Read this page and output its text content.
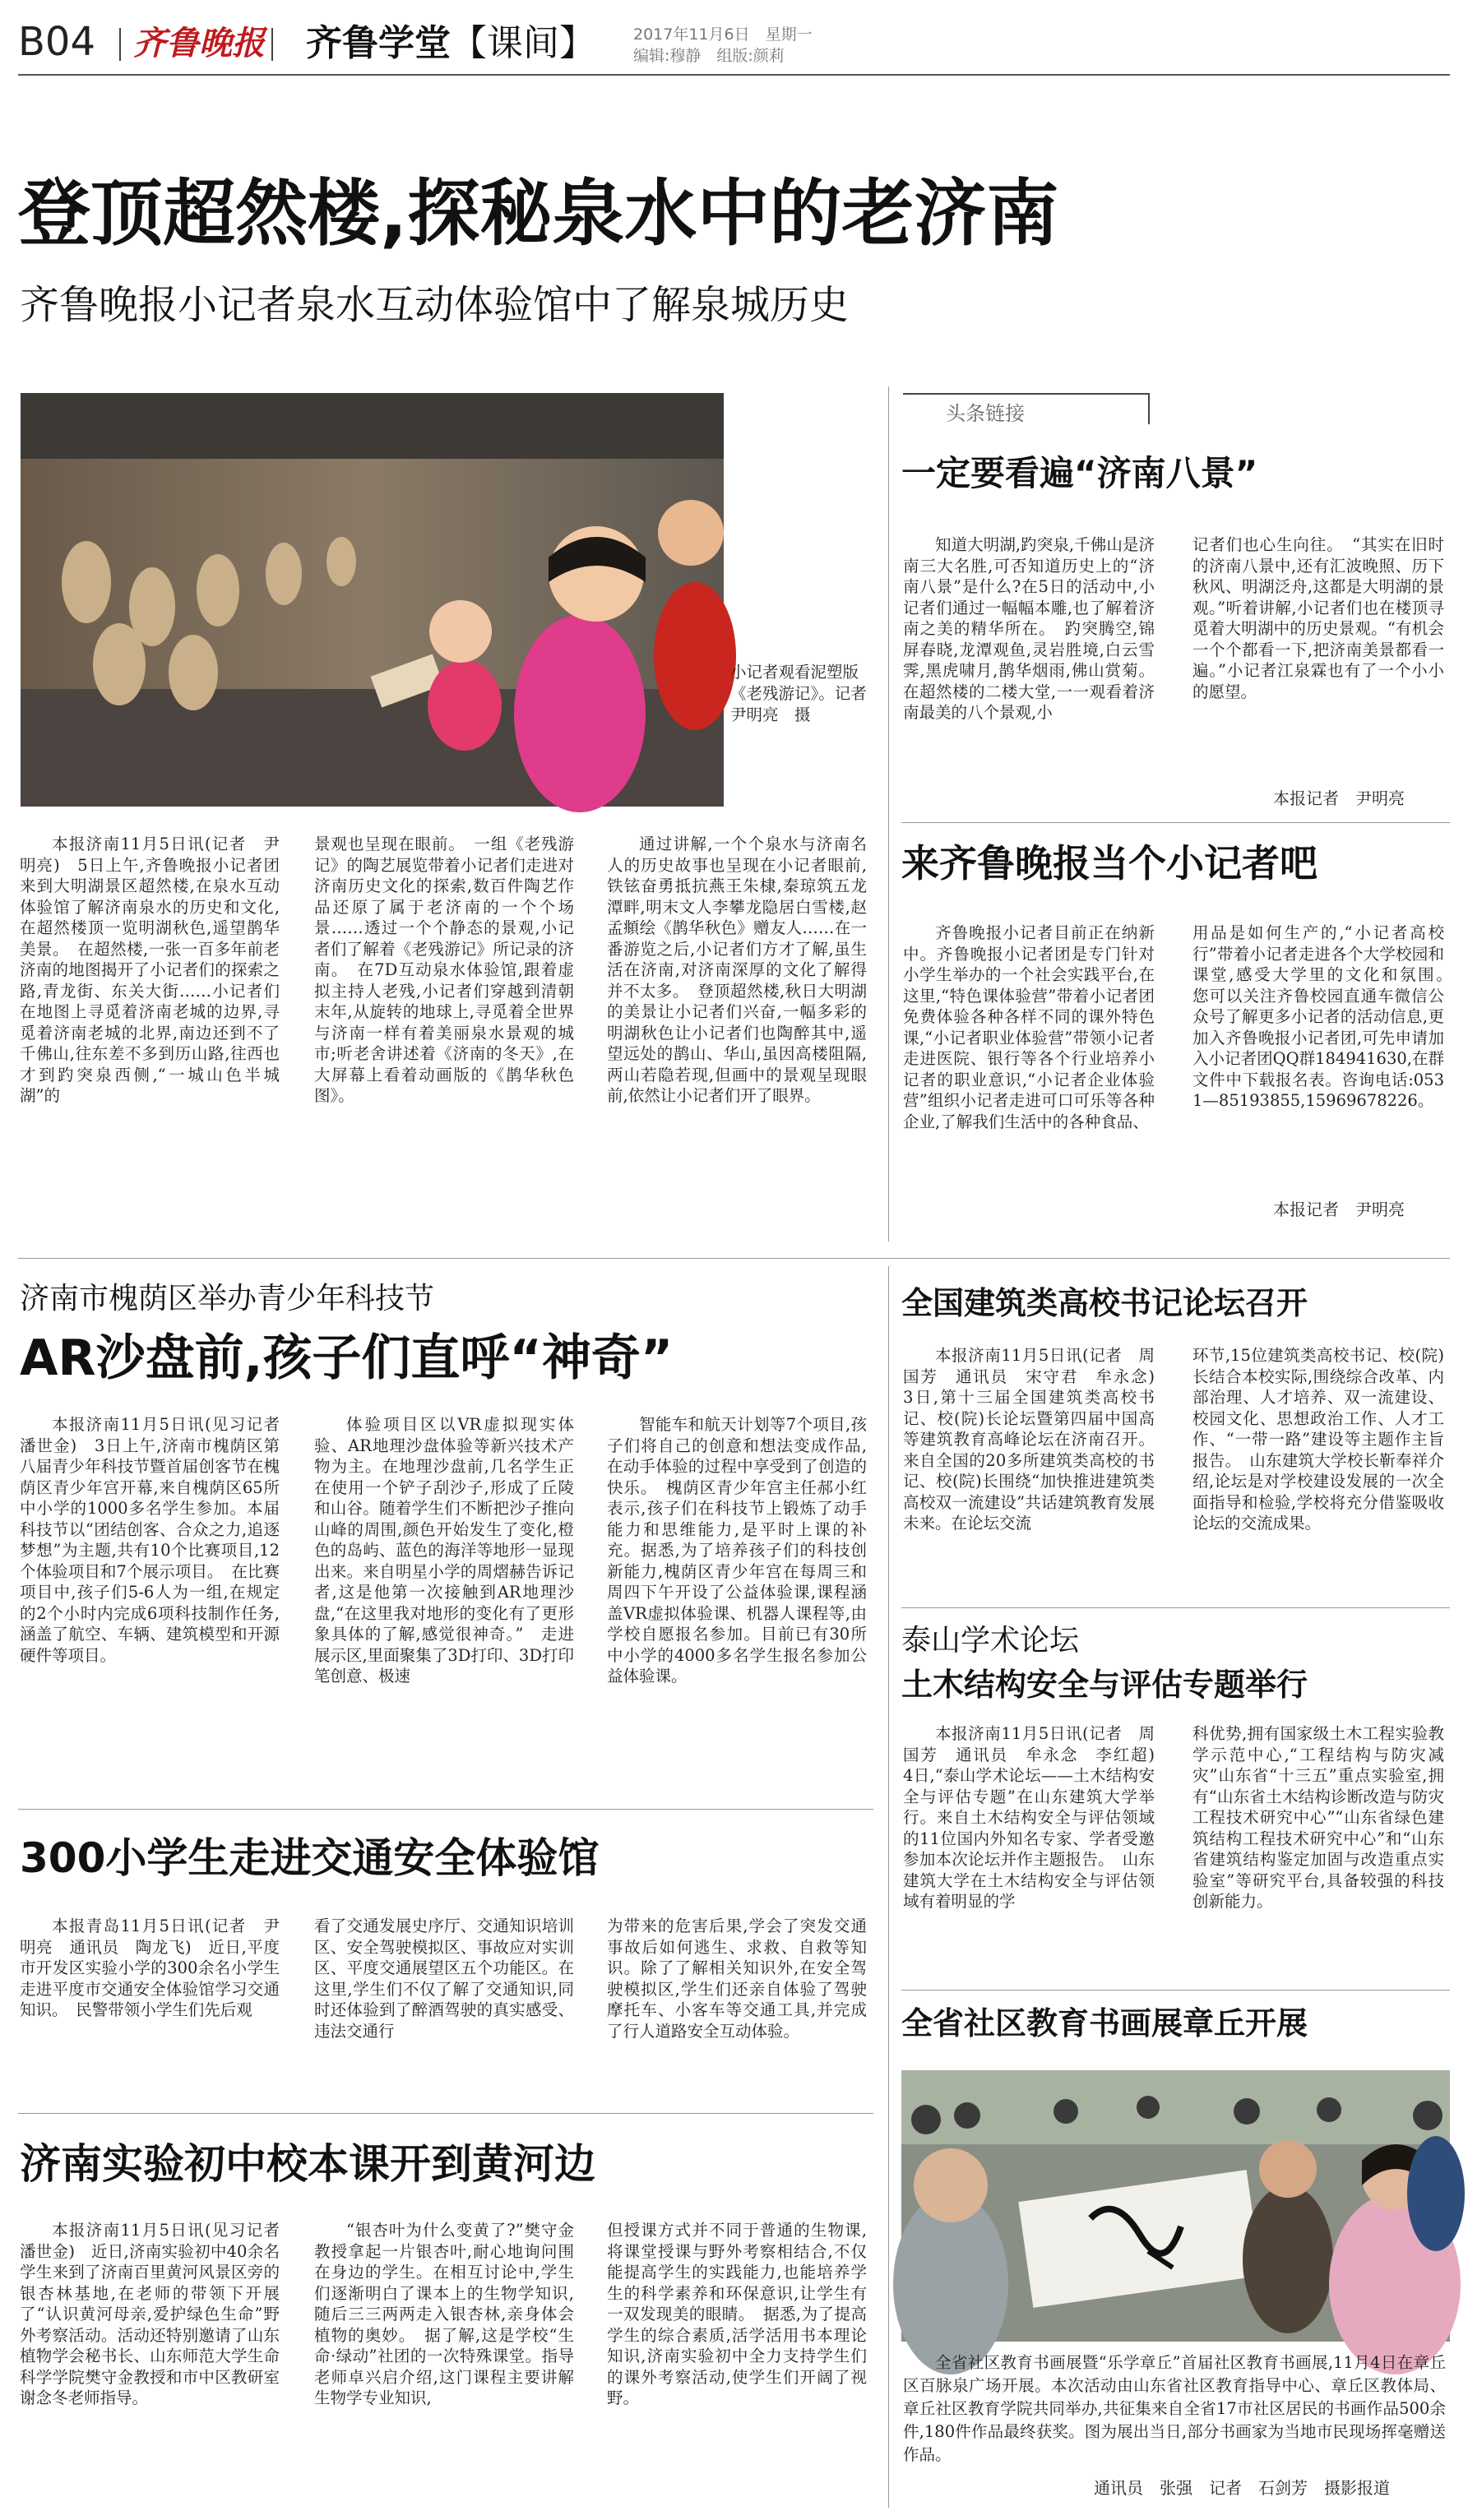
B04 齐鲁晚报 齐鲁学堂【课间】 2017年11月6日　星期一
编辑:穆静　组版:颜莉
登顶超然楼,探秘泉水中的老济南
齐鲁晚报小记者泉水互动体验馆中了解泉城历史
小记者观看泥塑版《老残游记》。记者　尹明亮　摄
本报济南11月5日讯(记者　尹明亮)　5日上午,齐鲁晚报小记者团来到大明湖景区超然楼,在泉水互动体验馆了解济南泉水的历史和文化,在超然楼顶一览明湖秋色,遥望鹊华美景。　在超然楼,一张一百多年前老济南的地图揭开了小记者们的探索之路,青龙街、东关大街……小记者们在地图上寻觅着济南老城的边界,寻觅着济南老城的北界,南边还到不了千佛山,往东差不多到历山路,往西也才到趵突泉西侧,“一城山色半城湖”的
景观也呈现在眼前。　一组《老残游记》的陶艺展览带着小记者们走进对济南历史文化的探索,数百件陶艺作品还原了属于老济南的一个个场景……透过一个个静态的景观,小记者们了解着《老残游记》所记录的济南。　在7D互动泉水体验馆,跟着虚拟主持人老残,小记者们穿越到清朝末年,从旋转的地球上,寻觅着全世界与济南一样有着美丽泉水景观的城市;听老舍讲述着《济南的冬天》,在大屏幕上看着动画版的《鹊华秋色图》。
通过讲解,一个个泉水与济南名人的历史故事也呈现在小记者眼前,铁铉奋勇抵抗燕王朱棣,秦琼筑五龙潭畔,明末文人李攀龙隐居白雪楼,赵孟頫绘《鹊华秋色》赠友人……在一番游览之后,小记者们方才了解,虽生活在济南,对济南深厚的文化了解得并不太多。　登顶超然楼,秋日大明湖的美景让小记者们兴奋,一幅多彩的明湖秋色让小记者们也陶醉其中,遥望远处的鹊山、华山,虽因高楼阻隔,两山若隐若现,但画中的景观呈现眼前,依然让小记者们开了眼界。
头条链接
一定要看遍“济南八景”
知道大明湖,趵突泉,千佛山是济南三大名胜,可否知道历史上的“济南八景”是什么?在5日的活动中,小记者们通过一幅幅本雕,也了解着济南之美的精华所在。　趵突腾空,锦屏春晓,龙潭观鱼,灵岩胜境,白云雪霁,黑虎啸月,鹊华烟雨,佛山赏菊。在超然楼的二楼大堂,一一观看着济南最美的八个景观,小
记者们也心生向往。　“其实在旧时的济南八景中,还有汇波晚照、历下秋风、明湖泛舟,这都是大明湖的景观。”听着讲解,小记者们也在楼顶寻觅着大明湖中的历史景观。“有机会一个个都看一下,把济南美景都看一遍。”小记者江泉霖也有了一个小小的愿望。
本报记者　尹明亮
来齐鲁晚报当个小记者吧
齐鲁晚报小记者目前正在纳新中。齐鲁晚报小记者团是专门针对小学生举办的一个社会实践平台,在这里,“特色课体验营”带着小记者团免费体验各种各样不同的课外特色课,“小记者职业体验营”带领小记者走进医院、银行等各个行业培养小记者的职业意识,“小记者企业体验营”组织小记者走进可口可乐等各种企业,了解我们生活中的各种食品、
用品是如何生产的,“小记者高校行”带着小记者走进各个大学校园和课堂,感受大学里的文化和氛围。　您可以关注齐鲁校园直通车微信公众号了解更多小记者的活动信息,更加入齐鲁晚报小记者团,可先申请加入小记者团QQ群184941630,在群文件中下载报名表。咨询电话:0531—85193855,15969678226。
本报记者　尹明亮
济南市槐荫区举办青少年科技节
AR沙盘前,孩子们直呼“神奇”
本报济南11月5日讯(见习记者　潘世金)　3日上午,济南市槐荫区第八届青少年科技节暨首届创客节在槐荫区青少年宫开幕,来自槐荫区65所中小学的1000多名学生参加。本届科技节以“团结创客、合众之力,追逐梦想”为主题,共有10个比赛项目,12个体验项目和7个展示项目。　在比赛项目中,孩子们5-6人为一组,在规定的2个小时内完成6项科技制作任务,涵盖了航空、车辆、建筑模型和开源硬件等项目。
体验项目区以VR虚拟现实体验、AR地理沙盘体验等新兴技术产物为主。在地理沙盘前,几名学生正在使用一个铲子刮沙子,形成了丘陵和山谷。随着学生们不断把沙子推向山峰的周围,颜色开始发生了变化,橙色的岛屿、蓝色的海洋等地形一显现出来。来自明星小学的周熠赫告诉记者,这是他第一次接触到AR地理沙盘,“在这里我对地形的变化有了更形象具体的了解,感觉很神奇。”　走进展示区,里面聚集了3D打印、3D打印笔创意、极速
智能车和航天计划等7个项目,孩子们将自己的创意和想法变成作品,在动手体验的过程中享受到了创造的快乐。　槐荫区青少年宫主任郝小红表示,孩子们在科技节上锻炼了动手能力和思维能力,是平时上课的补充。据悉,为了培养孩子们的科技创新能力,槐荫区青少年宫在每周三和周四下午开设了公益体验课,课程涵盖VR虚拟体验课、机器人课程等,由学校自愿报名参加。目前已有30所中小学的4000多名学生报名参加公益体验课。
300小学生走进交通安全体验馆
本报青岛11月5日讯(记者　尹明亮　通讯员　陶龙飞)　近日,平度市开发区实验小学的300余名小学生走进平度市交通安全体验馆学习交通知识。　民警带领小学生们先后观
看了交通发展史序厅、交通知识培训区、安全驾驶模拟区、事故应对实训区、平度交通展望区五个功能区。在这里,学生们不仅了解了交通知识,同时还体验到了醉酒驾驶的真实感受、违法交通行
为带来的危害后果,学会了突发交通事故后如何逃生、求救、自救等知识。除了了解相关知识外,在安全驾驶模拟区,学生们还亲自体验了驾驶摩托车、小客车等交通工具,并完成了行人道路安全互动体验。
济南实验初中校本课开到黄河边
本报济南11月5日讯(见习记者　潘世金)　近日,济南实验初中40余名学生来到了济南百里黄河风景区旁的银杏林基地,在老师的带领下开展了“认识黄河母亲,爱护绿色生命”野外考察活动。活动还特别邀请了山东植物学会秘书长、山东师范大学生命科学学院樊守金教授和市中区教研室谢念冬老师指导。
“银杏叶为什么变黄了?”樊守金教授拿起一片银杏叶,耐心地询问围在身边的学生。在相互讨论中,学生们逐渐明白了课本上的生物学知识,随后三三两两走入银杏林,亲身体会植物的奥妙。　据了解,这是学校“生命·绿动”社团的一次特殊课堂。指导老师卓兴启介绍,这门课程主要讲解生物学专业知识,
但授课方式并不同于普通的生物课,将课堂授课与野外考察相结合,不仅能提高学生的实践能力,也能培养学生的科学素养和环保意识,让学生有一双发现美的眼睛。　据悉,为了提高学生的综合素质,活学活用书本理论知识,济南实验初中全力支持学生们的课外考察活动,使学生们开阔了视野。
全国建筑类高校书记论坛召开
本报济南11月5日讯(记者　周国芳　通讯员　宋守君　牟永念)　3日,第十三届全国建筑类高校书记、校(院)长论坛暨第四届中国高等建筑教育高峰论坛在济南召开。来自全国的20多所建筑类高校的书记、校(院)长围绕“加快推进建筑类高校双一流建设”共话建筑教育发展未来。在论坛交流
环节,15位建筑类高校书记、校(院)长结合本校实际,围绕综合改革、内部治理、人才培养、双一流建设、校园文化、思想政治工作、人才工作、“一带一路”建设等主题作主旨报告。　山东建筑大学校长靳奉祥介绍,论坛是对学校建设发展的一次全面指导和检验,学校将充分借鉴吸收论坛的交流成果。
泰山学术论坛
土木结构安全与评估专题举行
本报济南11月5日讯(记者　周国芳　通讯员　牟永念　李红超)　4日,“泰山学术论坛——土木结构安全与评估专题”在山东建筑大学举行。来自土木结构安全与评估领域的11位国内外知名专家、学者受邀参加本次论坛并作主题报告。　山东建筑大学在土木结构安全与评估领域有着明显的学
科优势,拥有国家级土木工程实验教学示范中心,“工程结构与防灾减灾”山东省“十三五”重点实验室,拥有“山东省土木结构诊断改造与防灾工程技术研究中心”“山东省绿色建筑结构工程技术研究中心”和“山东省建筑结构鉴定加固与改造重点实验室”等研究平台,具备较强的科技创新能力。
全省社区教育书画展章丘开展
全省社区教育书画展暨“乐学章丘”首届社区教育书画展,11月4日在章丘区百脉泉广场开展。本次活动由山东省社区教育指导中心、章丘区教体局、章丘社区教育学院共同举办,共征集来自全省17市社区居民的书画作品500余件,180件作品最终获奖。图为展出当日,部分书画家为当地市民现场挥毫赠送作品。
通讯员　张强　记者　石剑芳　摄影报道
